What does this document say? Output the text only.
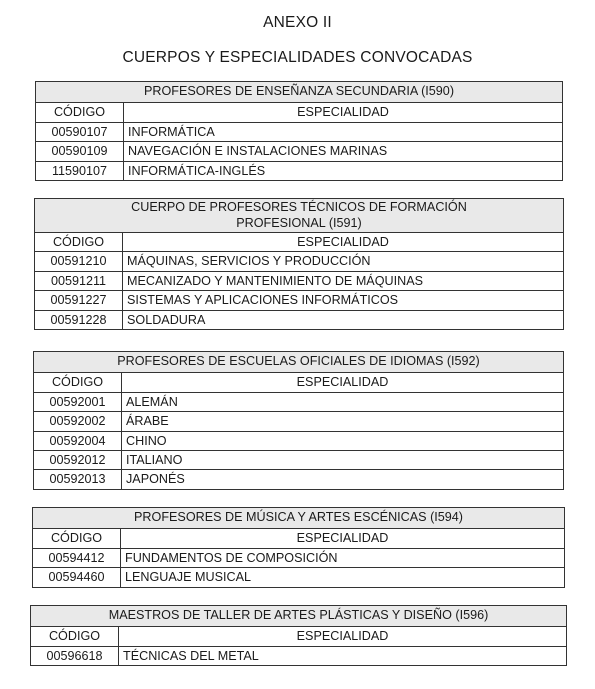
ANEXO II
CUERPOS Y ESPECIALIDADES CONVOCADAS
PROFESORES DE ENSEÑANZA SECUNDARIA (I590)	
CÓDIGO	ESPECIALIDAD
00590107	INFORMÁTICA
00590109	NAVEGACIÓN E INSTALACIONES MARINAS
11590107	INFORMÁTICA-INGLÉS
CUERPO DE PROFESORES TÉCNICOS DE FORMACIÓN PROFESIONAL (I591)	
CÓDIGO	ESPECIALIDAD
00591210	MÁQUINAS, SERVICIOS Y PRODUCCIÓN
00591211	MECANIZADO Y MANTENIMIENTO DE MÁQUINAS
00591227	SISTEMAS Y APLICACIONES INFORMÁTICOS
00591228	SOLDADURA
PROFESORES DE ESCUELAS OFICIALES DE IDIOMAS (I592)	
CÓDIGO	ESPECIALIDAD
00592001	ALEMÁN
00592002	ÁRABE
00592004	CHINO
00592012	ITALIANO
00592013	JAPONÉS
PROFESORES DE MÚSICA Y ARTES ESCÉNICAS (I594)	
CÓDIGO	ESPECIALIDAD
00594412	FUNDAMENTOS DE COMPOSICIÓN
00594460	LENGUAJE MUSICAL
MAESTROS DE TALLER DE ARTES PLÁSTICAS Y DISEÑO (I596)	
CÓDIGO	ESPECIALIDAD
00596618	TÉCNICAS DEL METAL
